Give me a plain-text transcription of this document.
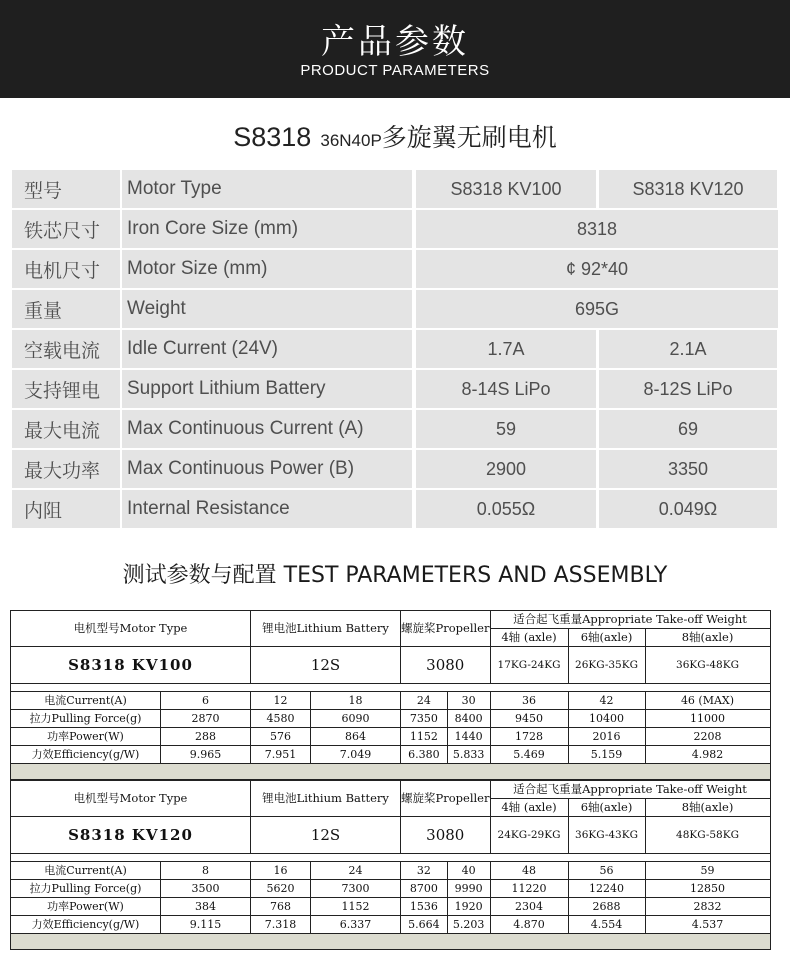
产品参数
PRODUCT PARAMETERS
S8318 36N40P多旋翼无刷电机
型号	Motor Type	S8318 KV100	S8318 KV120
铁芯尺寸	Iron Core Size (mm)	8318
电机尺寸	Motor Size (mm)	¢ 92*40
重量	Weight	695G
空载电流	Idle Current (24V)	1.7A	2.1A
支持锂电	Support Lithium Battery	8-14S LiPo	8-12S LiPo
最大电流	Max Continuous Current (A)	59	69
最大功率	Max Continuous Power (B)	2900	3350
内阻	Internal Resistance	0.055Ω	0.049Ω
测试参数与配置 TEST PARAMETERS AND ASSEMBLY
电机型号Motor Type		锂电池Lithium Battery		螺旋桨Propeller		适合起飞重量Appropriate Take-off Weight		
						4轴 (axle)	6轴(axle)	8轴(axle)
S8318 KV100		12S		3080		17KG-24KG	26KG-35KG	36KG-48KG

电流Current(A)	6	12	18	24	30	36	42	46 (MAX)
拉力Pulling Force(g)	2870	4580	6090	7350	8400	9450	10400	11000
功率Power(W)	288	576	864	1152	1440	1728	2016	2208
力效Efficiency(g/W)	9.965	7.951	7.049	6.380	5.833	5.469	5.159	4.982

电机型号Motor Type		锂电池Lithium Battery		螺旋桨Propeller		适合起飞重量Appropriate Take-off Weight		
						4轴 (axle)	6轴(axle)	8轴(axle)
S8318 KV120		12S		3080		24KG-29KG	36KG-43KG	48KG-58KG

电流Current(A)	8	16	24	32	40	48	56	59
拉力Pulling Force(g)	3500	5620	7300	8700	9990	11220	12240	12850
功率Power(W)	384	768	1152	1536	1920	2304	2688	2832
力效Efficiency(g/W)	9.115	7.318	6.337	5.664	5.203	4.870	4.554	4.537
